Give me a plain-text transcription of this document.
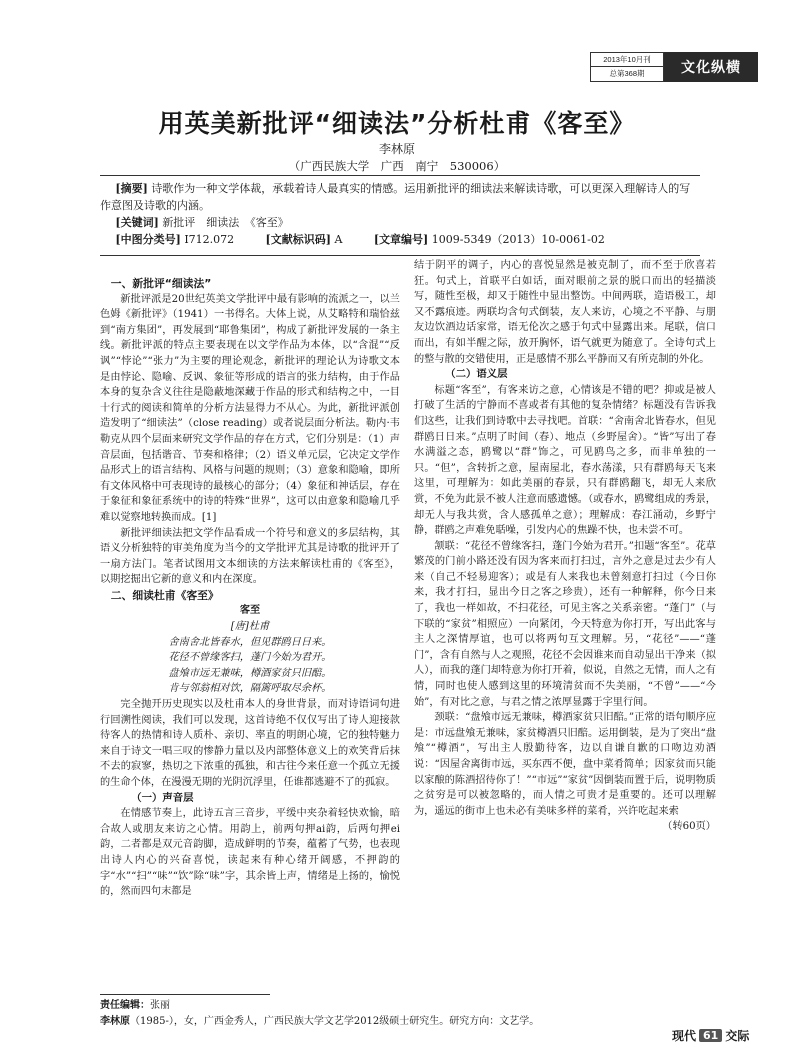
2013年10月刊
总第368期	文化纵横
用英美新批评“细读法”分析杜甫《客至》

李林原

（广西民族大学　广西　南宁　530006）

[摘要] 诗歌作为一种文学体裁，承载着诗人最真实的情感。运用新批评的细读法来解读诗歌，可以更深入理解诗人的写作意图及诗歌的内涵。

[关键词] 新批评　细读法　《客至》

[中图分类号] I712.072	[文献标识码] A	[文章编号] 1009-5349（2013）10-0061-02

一、新批评“细读法”

新批评派是20世纪英美文学批评中最有影响的流派之一，以兰色姆《新批评》（1941）一书得名。大体上说，从艾略特和瑞恰兹到“南方集团”，再发展到“耶鲁集团”，构成了新批评发展的一条主线。新批评派的特点主要表现在以文学作品为本体，以“含混”“反讽”“悖论”“张力”为主要的理论观念，新批评的理论认为诗歌文本是由悖论、隐喻、反讽、象征等形成的语言的张力结构，由于作品本身的复杂含义往往是隐蔽地深藏于作品的形式和结构之中，一目十行式的阅读和简单的分析方法显得力不从心。为此，新批评派创造发明了“细读法”（close reading）或者说层面分析法。勒内·韦勒克从四个层面来研究文学作品的存在方式，它们分别是：（1）声音层面，包括谐音、节奏和格律；（2）语义单元层，它决定文学作品形式上的语言结构、风格与问题的规则；（3）意象和隐喻，即所有文体风格中可表现诗的最核心的部分；（4）象征和神话层，存在于象征和象征系统中的诗的特殊“世界”，这可以由意象和隐喻几乎难以觉察地转换而成。[1]

新批评细读法把文学作品看成一个符号和意义的多层结构，其语义分析独特的审美角度为当今的文学批评尤其是诗歌的批评开了一扇方法门。笔者试图用文本细读的方法来解读杜甫的《客至》，以期挖掘出它新的意义和内在深度。

二、细读杜甫《客至》
客至
[唐]杜甫
舍南舍北皆春水，但见群鸥日日来。
花径不曾缘客扫，蓬门今始为君开。
盘飧市远无兼味，樽酒家贫只旧醅。
肯与邻翁相对饮，隔篱呼取尽余杯。

完全抛开历史现实以及杜甫本人的身世背景，而对诗语词句进行回溯性阅读，我们可以发现，这首诗绝不仅仅写出了诗人迎接款待客人的热情和诗人质朴、亲切、率直的明朗心境，它的独特魅力来自于诗文一唱三叹的惨静力量以及内部整体意义上的欢笑背后抹不去的寂寥，热切之下浓重的孤独，和古往今来任意一个孤立无援的生命个体，在漫漫无期的光阴沉浮里，任谁都逃避不了的孤寂。

（一）声音层

在情感节奏上，此诗五言三音步，平缓中夹杂着轻快欢愉，暗合故人或朋友来访之心情。用韵上，前两句押ai韵，后两句押ei韵，二者都是双元音韵脚，造成鲜明的节奏，蕴蓄了气势，也表现出诗人内心的兴奋喜悦，读起来有种心绪开阔感，不押韵的字“水”“扫”“味”“饮”除“味”字，其余皆上声，情绪是上扬的，愉悦的，然而四句末都是

结于阴平的调子，内心的喜悦显然是被克制了，而不至于欣喜若狂。句式上，首联平白如话，面对眼前之景的脱口而出的轻描淡写，随性至极，却又于随性中显出整饬。中间两联，造语极工，却又不露痕迹。两联均含句式倒装，友人来访，心境之不平静、与朋友边饮酒边话家常，语无伦次之感于句式中显露出来。尾联，信口而出，有如半醒之际，放开胸怀，语气就更为随意了。全诗句式上的整与散的交错使用，正是感情不那么平静而又有所克制的外化。

（二）语义层

标题“客至”，有客来访之意，心情该是不错的吧？抑或是被人打破了生活的宁静而不喜或者有其他的复杂情绪？标题没有告诉我们这些，让我们到诗歌中去寻找吧。首联：“舍南舍北皆春水，但见群鸥日日来。”点明了时间（春）、地点（乡野屋舍）。“皆”写出了春水满溢之态，鸥鹭以“群”饰之，可见鸥鸟之多，而非单独的一只。“但”，含转折之意，屋南屋北，春水荡漾，只有群鸥每天飞来这里，可理解为：如此美丽的春景，只有群鸥翻飞，却无人来欣赏，不免为此景不被人注意而感遗憾。（或春水，鸥鹭组成的秀景，却无人与我共赏，含人感孤单之意）；理解成：春江涌动，乡野宁静，群鸥之声难免聒噪，引发内心的焦躁不快，也未尝不可。

颔联：“花径不曾缘客扫，蓬门今始为君开。”扣题“客至”。花草繁茂的门前小路还没有因为客来而打扫过，言外之意是过去少有人来（自己不轻易迎客）；或是有人来我也未曾刻意打扫过（今日你来，我才打扫，显出今日之客之珍贵），还有一种解释，你今日来了，我也一样如故，不扫花径，可见主客之关系亲密。“蓬门”（与下联的“家贫”相照应）一向紧闭，今天特意为你打开，写出此客与主人之深情厚谊，也可以将两句互文理解。另，“花径”——“蓬门”，含有自然与人之观照，花径不会因谁来而自动显出干净来（拟人），而我的蓬门却特意为你打开着，似说，自然之无情，而人之有情，同时也使人感到这里的环境清贫而不失美丽，“不曾”——“今始”，有对比之意，与君之情之浓厚显露于字里行间。

颈联：“盘飧市远无兼味，樽酒家贫只旧醅。”正常的语句顺序应是：市远盘飧无兼味，家贫樽酒只旧醅。运用倒装，是为了突出“盘飧”“樽酒”，写出主人殷勤待客，边以自谦自歉的口吻边劝酒说：“因屋舍离街市远，买东西不便，盘中菜肴简单；因家贫而只能以家酿的陈酒招待你了！”“市远”“家贫”因倒装而置于后，说明物质之贫穷是可以被忽略的，而人情之可贵才是重要的。还可以理解为，遥远的街市上也未必有美味多样的菜肴，兴许吃起来索

（转60页）

责任编辑：张丽

李林原（1985-），女，广西金秀人，广西民族大学文艺学2012级硕士研究生。研究方向：文艺学。

现代 61 交际
